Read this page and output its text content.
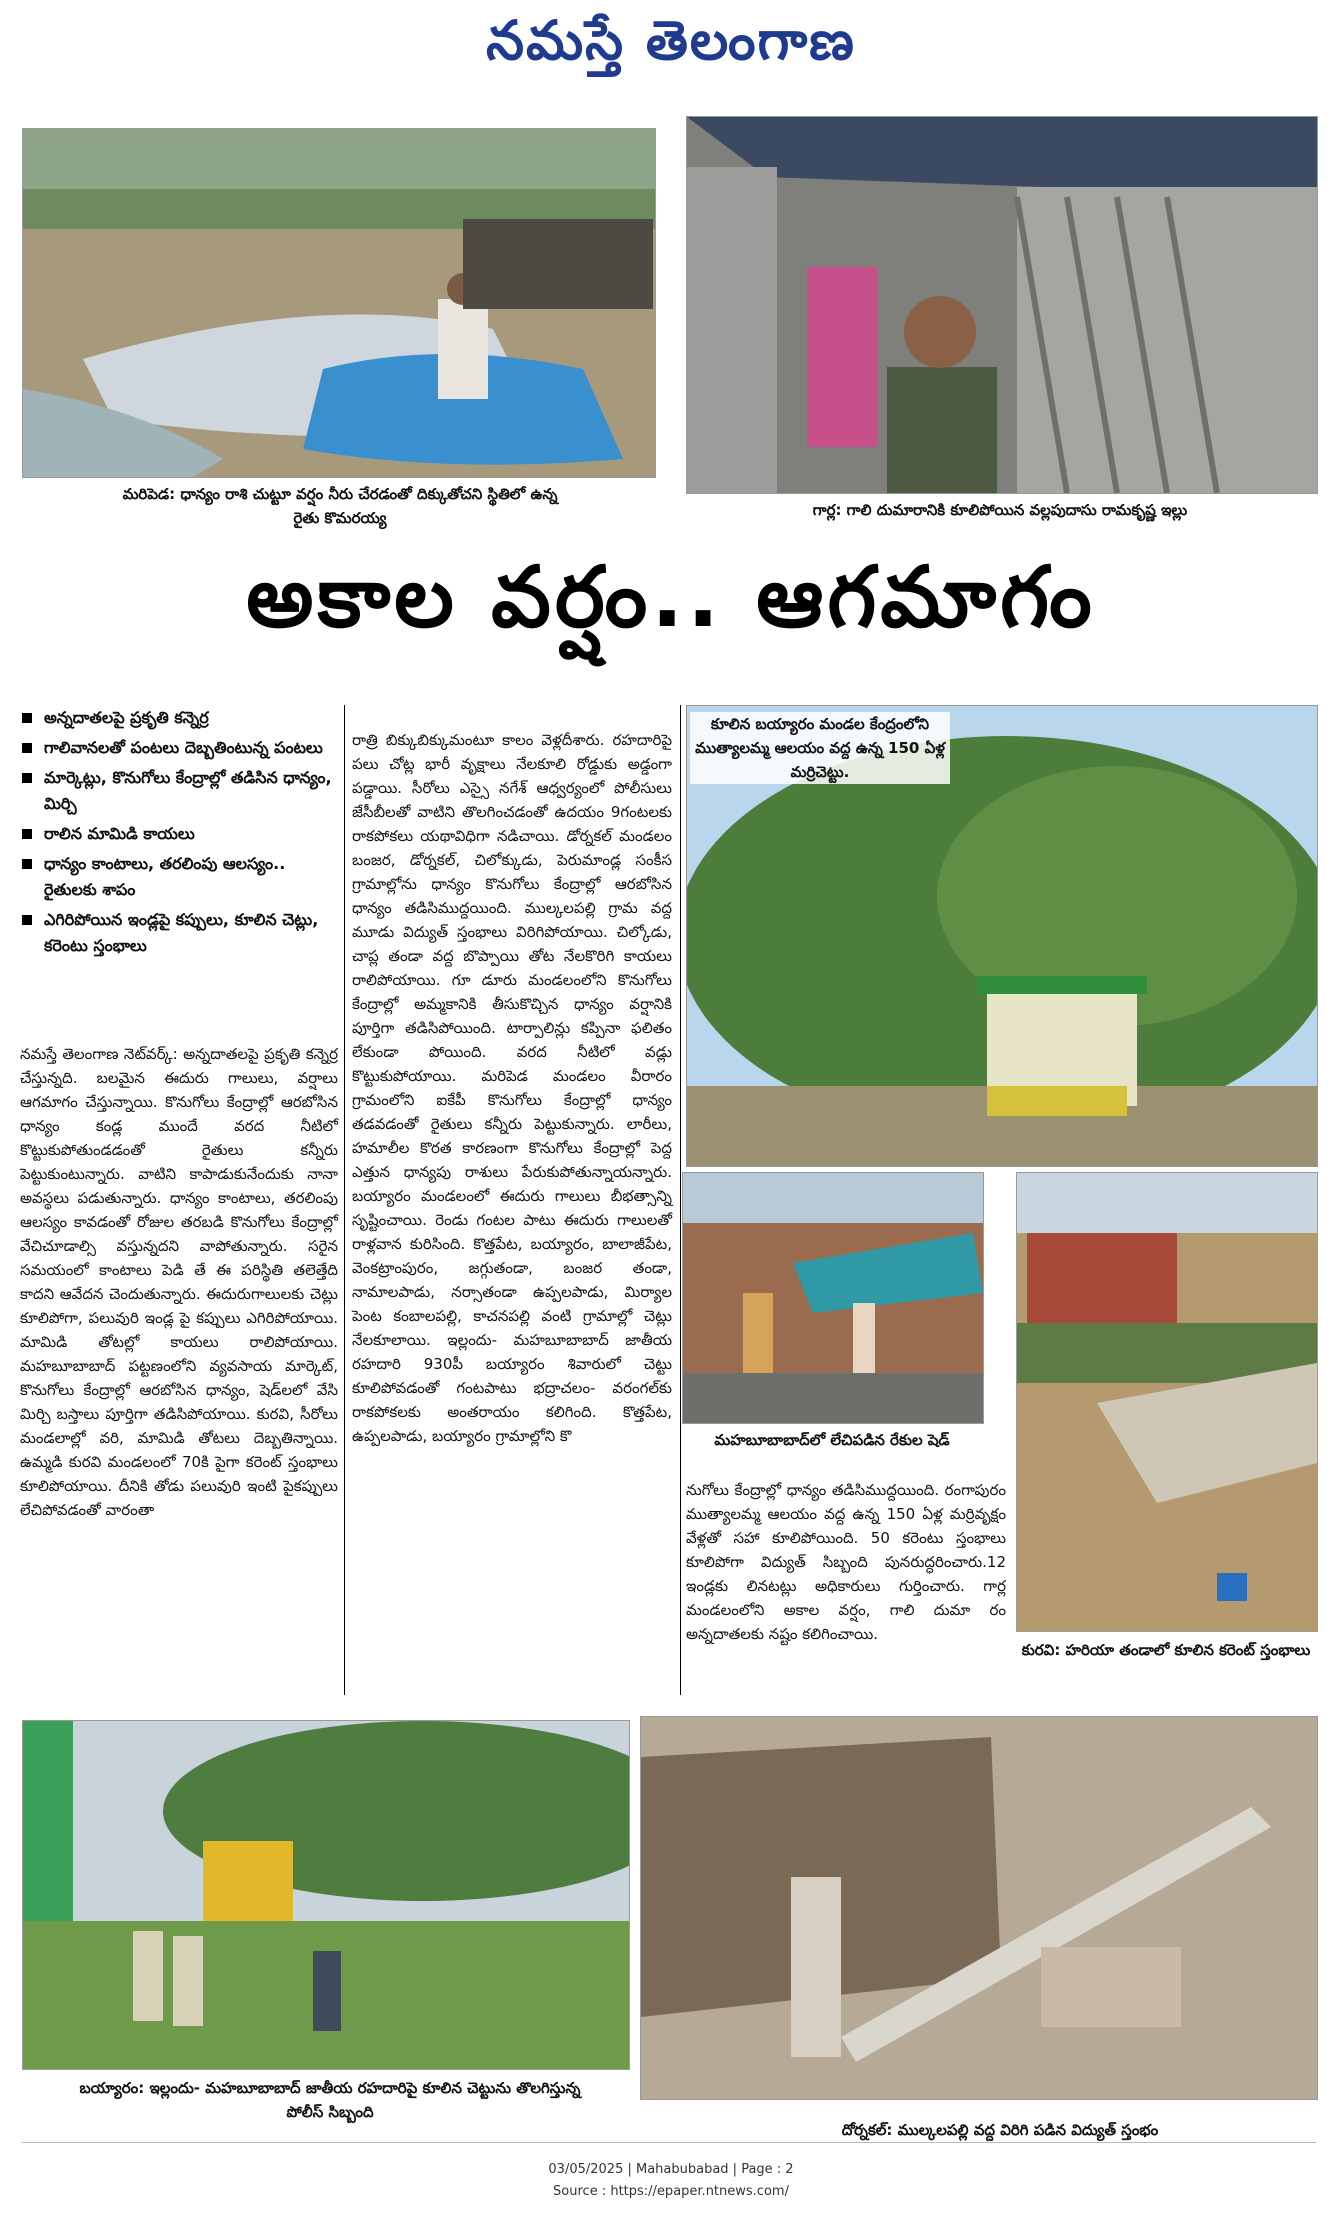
నమస్తే తెలంగాణ
మరిపెడ: ధాన్యం రాశి చుట్టూ వర్షం నీరు చేరడంతో దిక్కుతోచని స్థితిలో ఉన్న రైతు కొమరయ్య	గార్ల: గాలి దుమారానికి కూలిపోయిన వల్లపుదాసు రామకృష్ణ ఇల్లు
అకాల వర్షం.. ఆగమాగం
అన్నదాతలపై ప్రకృతి కన్నెర్ర
గాలివానలతో పంటలు దెబ్బతింటున్న పంటలు
మార్కెట్లు, కొనుగోలు కేంద్రాల్లో తడిసిన ధాన్యం, మిర్చి
రాలిన మామిడి కాయలు
ధాన్యం కాంటాలు, తరలింపు ఆలస్యం.. రైతులకు శాపం
ఎగిరిపోయిన ఇండ్లపై కప్పులు, కూలిన చెట్లు, కరెంటు స్తంభాలు

నమస్తే తెలంగాణ నెట్‌వర్క్: అన్నదాతలపై ప్రకృతి కన్నెర్ర చేస్తున్నది. బలమైన ఈదురు గాలులు, వర్షాలు ఆగమాగం చేస్తున్నాయి. కొనుగోలు కేంద్రాల్లో ఆరబోసిన ధాన్యం కండ్ల ముందే వరద నీటిలో కొట్టుకుపోతుండడంతో రైతులు కన్నీరు పెట్టుకుంటున్నారు. వాటిని కాపాడుకునేందుకు నానా అవస్థలు పడుతున్నారు. ధాన్యం కాంటాలు, తరలింపు ఆలస్యం కావడంతో రోజుల తరబడి కొనుగోలు కేంద్రాల్లో వేచిచూడాల్సి వస్తున్నదని వాపోతున్నారు. సరైన సమయంలో కాంటాలు పెడి తే ఈ పరిస్థితి తలెత్తేది కాదని ఆవేదన చెందుతున్నారు. ఈదురుగాలులకు చెట్లు కూలిపోగా, పలువురి ఇండ్ల పై కప్పులు ఎగిరిపోయాయి. మామిడి తోటల్లో కాయలు రాలిపోయాయి. మహబూబాబాద్ పట్టణంలోని వ్యవసాయ మార్కెట్, కొనుగోలు కేంద్రాల్లో ఆరబోసిన ధాన్యం, షెడ్‌లలో వేసి మిర్చి బస్తాలు పూర్తిగా తడిసిపోయాయి. కురవి, సీరోలు మండలాల్లో వరి, మామిడి తోటలు దెబ్బతిన్నాయి. ఉమ్మడి కురవి మండలంలో 70కి పైగా కరెంట్ స్తంభాలు కూలిపోయాయి. దీనికి తోడు పలువురి ఇంటి పైకప్పులు లేచిపోవడంతో వారంతా

రాత్రి బిక్కుబిక్కుమంటూ కాలం వెళ్లదీశారు. రహదారిపై పలు చోట్ల భారీ వృక్షాలు నేలకూలి రోడ్డుకు అడ్డంగా పడ్డాయి. సీరోలు ఎస్సై నగేశ్ ఆధ్వర్యంలో పోలీసులు జేసీబీలతో వాటిని తొలగించడంతో ఉదయం 9గంటలకు రాకపోకలు యథావిధిగా నడిచాయి. డోర్నకల్ మండలం బంజర, డోర్నకల్, చిలోక్కుడు, పెరుమాండ్ల సంకీస గ్రామాల్లోను ధాన్యం కొనుగోలు కేంద్రాల్లో ఆరబోసిన ధాన్యం తడిసిముద్దయింది. ముల్కలపల్లి గ్రామ వద్ద మూడు విద్యుత్ స్తంభాలు విరిగిపోయాయి. చిల్కోడు, చాప్ల తండా వద్ద బొప్పాయి తోట నేలకొరిగి కాయలు రాలిపోయాయి. గూ డూరు మండలంలోని కొనుగోలు కేంద్రాల్లో అమ్మకానికి తీసుకొచ్చిన ధాన్యం వర్షానికి పూర్తిగా తడిసిపోయింది. టార్పాలిన్లు కప్పినా ఫలితం లేకుండా పోయింది. వరద నీటిలో వడ్లు కొట్టుకుపోయాయి. మరిపెడ మండలం వీరారం గ్రామంలోని ఐకేపీ కొనుగోలు కేంద్రాల్లో ధాన్యం తడవడంతో రైతులు కన్నీరు పెట్టుకున్నారు. లారీలు, హమాలీల కొరత కారణంగా కొనుగోలు కేంద్రాల్లో పెద్ద ఎత్తున ధాన్యపు రాశులు పేరుకుపోతున్నాయన్నారు. బయ్యారం మండలంలో ఈదురు గాలులు బీభత్సాన్ని సృష్టించాయి. రెండు గంటల పాటు ఈదురు గాలులతో రాళ్లవాన కురిసింది. కొత్తపేట, బయ్యారం, బాలాజీపేట, వెంకట్రాంపురం, జగ్గుతండా, బంజర తండా, నామాలపాడు, నర్సాతండా ఉప్పలపాడు, మిర్యాల పెంట కంబాలపల్లి, కాచనపల్లి వంటి గ్రామాల్లో చెట్లు నేలకూలాయి. ఇల్లందు- మహబూబాబాద్ జాతీయ రహదారి 930పీ బయ్యారం శివారులో చెట్టు కూలిపోవడంతో గంటపాటు భద్రాచలం- వరంగల్‌కు రాకపోకలకు అంతరాయం కలిగింది. కొత్తపేట, ఉప్పలపాడు, బయ్యారం గ్రామాల్లోని కొ

కూలిన బయ్యారం మండల కేంద్రంలోని ముత్యాలమ్మ ఆలయం వద్ద ఉన్న 150 ఏళ్ల మర్రిచెట్టు.
మహబూబాబాద్‌లో లేచిపడిన రేకుల షెడ్
కురవి: హరియా తండాలో కూలిన కరెంట్ స్తంభాలు

నుగోలు కేంద్రాల్లో ధాన్యం తడిసిముద్దయింది. రంగాపురం ముత్యాలమ్మ ఆలయం వద్ద ఉన్న 150 ఏళ్ల మర్రివృక్షం వేళ్లతో సహా కూలిపోయింది. 50 కరెంటు స్తంభాలు కూలిపోగా విద్యుత్ సిబ్బంది పునరుద్ధరించారు.12 ఇండ్లకు లినటట్లు అధికారులు గుర్తించారు. గార్ల మండలంలోని అకాల వర్షం, గాలి దుమా రం అన్నదాతలకు నష్టం కలిగించాయి.

బయ్యారం: ఇల్లందు- మహబూబాబాద్ జాతీయ రహదారిపై కూలిన చెట్టును తొలగిస్తున్న పోలీస్ సిబ్బంది
దోర్నకల్: ముల్కలపల్లి వద్ద విరిగి పడిన విద్యుత్ స్తంభం
03/05/2025 | Mahabubabad | Page : 2
Source : https://epaper.ntnews.com/
